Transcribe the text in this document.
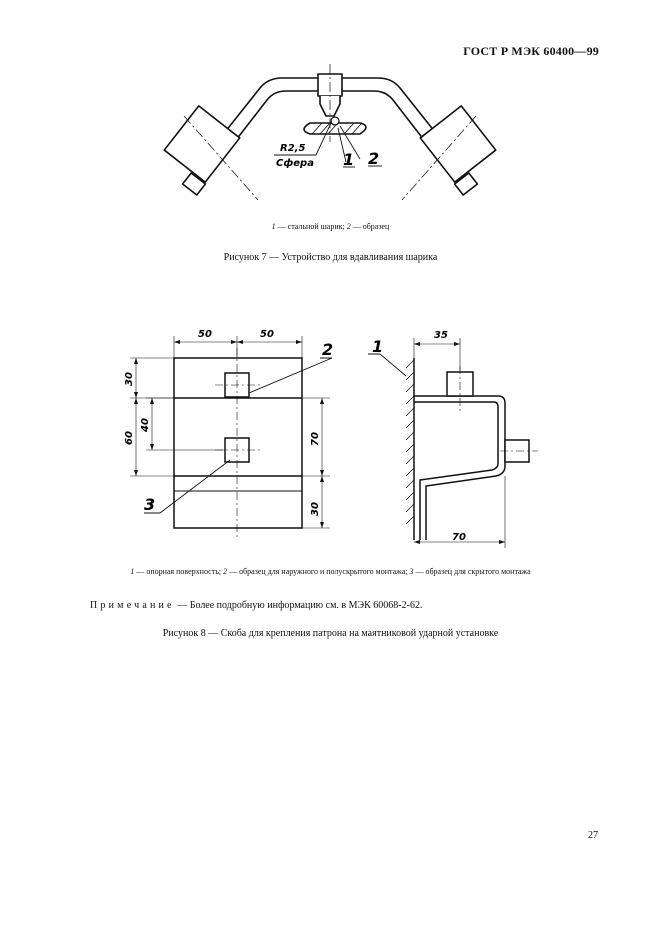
ГОСТ Р МЭК 60400—99
R2,5
Сфера 1 2
1 — стальной шарик; 2 — образец
Рисунок 7 — Устройство для вдавливания шарика
50	50	35
70
30
60
40
70
30
2
3
1
1 — опорная поверхность; 2 — образец для наружного и полускрытого монтажа; 3 — образец для скрытого монтажа
Примечание — Более подробную информацию см. в МЭК 60068-2-62.
Рисунок 8 — Скоба для крепления патрона на маятниковой ударной установке
27
